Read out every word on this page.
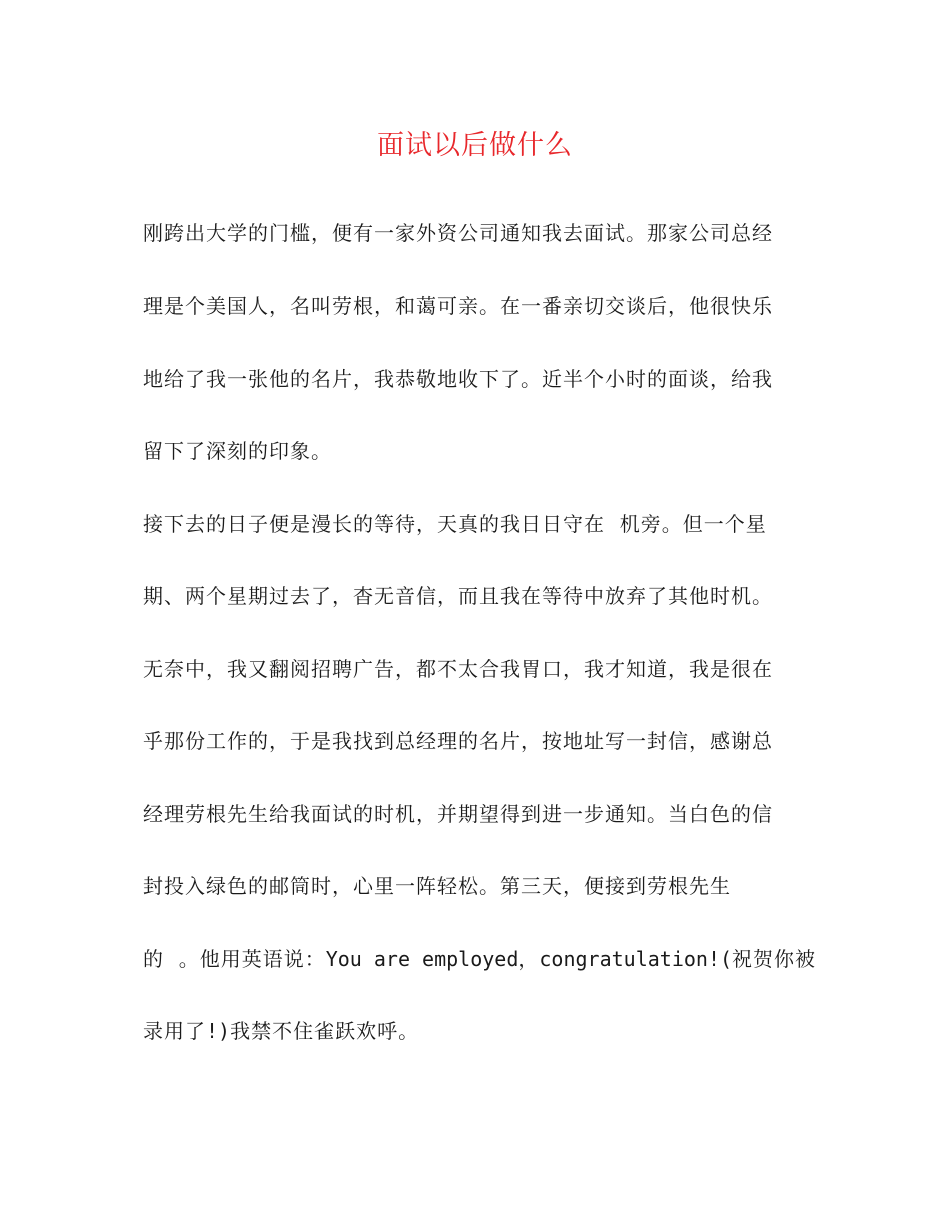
面试以后做什么
刚跨出大学的门槛，便有一家外资公司通知我去面试。那家公司总经
理是个美国人，名叫劳根，和蔼可亲。在一番亲切交谈后，他很快乐
地给了我一张他的名片，我恭敬地收下了。近半个小时的面谈，给我
留下了深刻的印象。
接下去的日子便是漫长的等待，天真的我日日守在  机旁。但一个星
期、两个星期过去了，杳无音信，而且我在等待中放弃了其他时机。
无奈中，我又翻阅招聘广告，都不太合我胃口，我才知道，我是很在
乎那份工作的，于是我找到总经理的名片，按地址写一封信，感谢总
经理劳根先生给我面试的时机，并期望得到进一步通知。当白色的信
封投入绿色的邮筒时，心里一阵轻松。第三天，便接到劳根先生
的  。他用英语说：You are employed，congratulation!(祝贺你被
录用了!)我禁不住雀跃欢呼。
